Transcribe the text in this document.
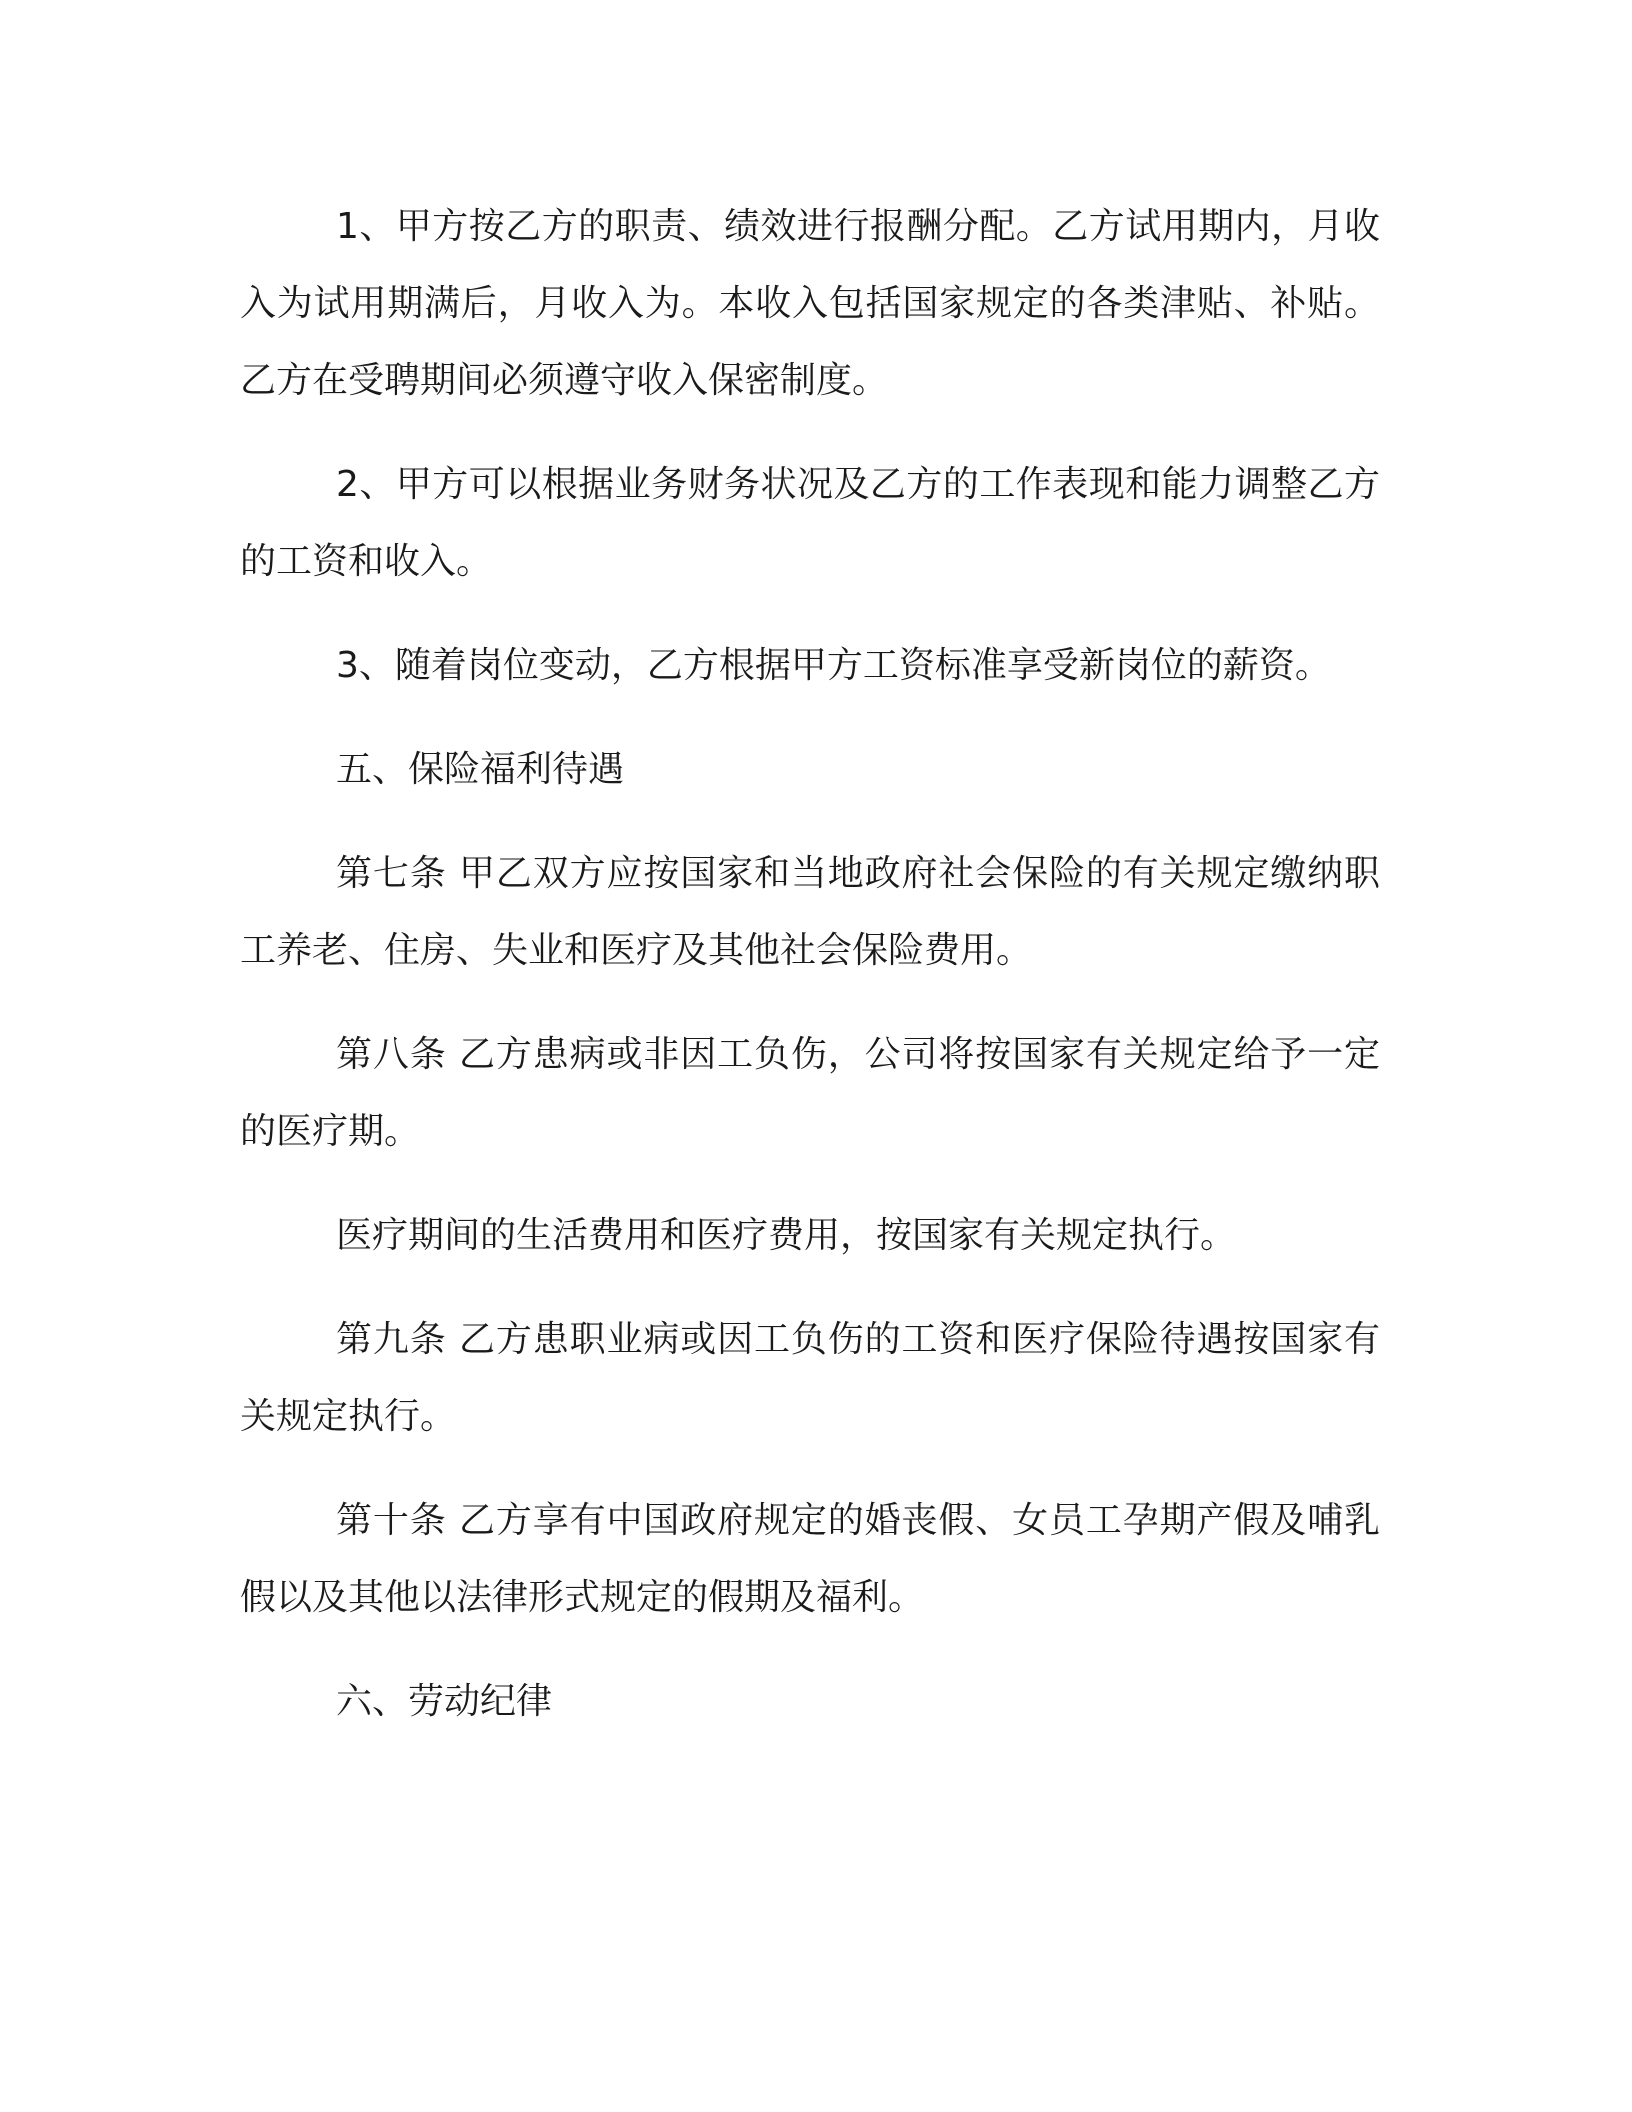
1、甲方按乙方的职责、绩效进行报酬分配。乙方试用期内，月收入为试用期满后，月收入为。本收入包括国家规定的各类津贴、补贴。乙方在受聘期间必须遵守收入保密制度。

2、甲方可以根据业务财务状况及乙方的工作表现和能力调整乙方的工资和收入。

3、随着岗位变动，乙方根据甲方工资标准享受新岗位的薪资。

五、保险福利待遇

第七条 甲乙双方应按国家和当地政府社会保险的有关规定缴纳职工养老、住房、失业和医疗及其他社会保险费用。

第八条 乙方患病或非因工负伤，公司将按国家有关规定给予一定的医疗期。

医疗期间的生活费用和医疗费用，按国家有关规定执行。

第九条 乙方患职业病或因工负伤的工资和医疗保险待遇按国家有关规定执行。

第十条 乙方享有中国政府规定的婚丧假、女员工孕期产假及哺乳假以及其他以法律形式规定的假期及福利。

六、劳动纪律
